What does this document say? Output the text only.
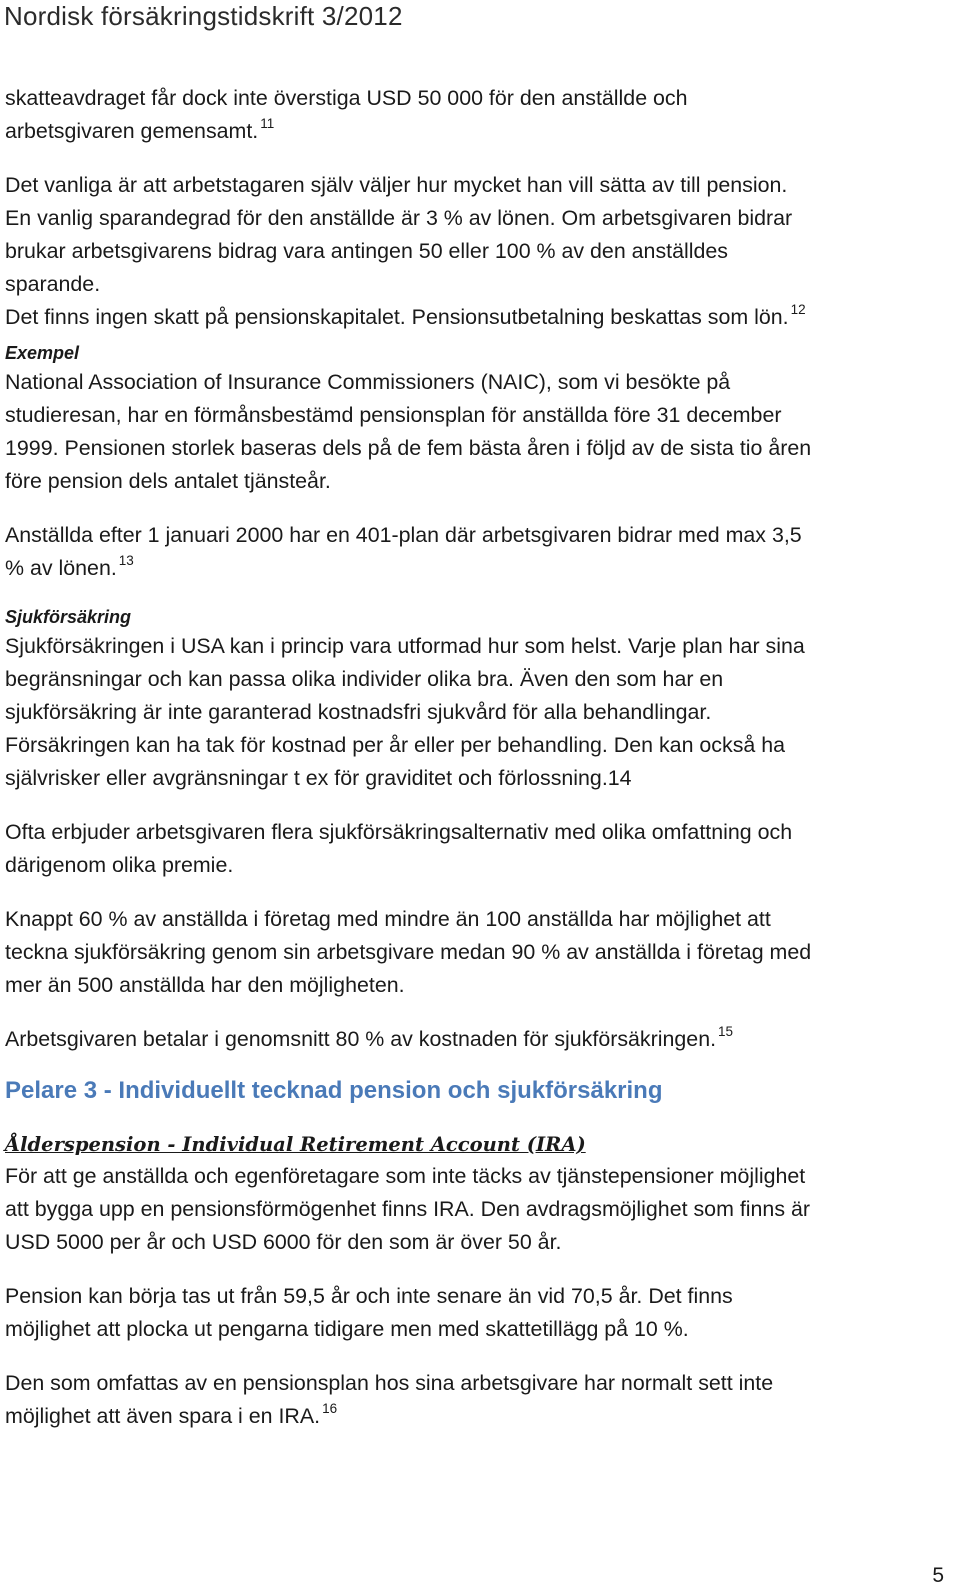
Nordisk försäkringstidskrift 3/2012

skatteavdraget får dock inte överstiga USD 50 000 för den anställde och

arbetsgivaren gemensamt. $^{11}$

Det vanliga är att arbetstagaren själv väljer hur mycket han vill sätta av till pension.

En vanlig sparandegrad för den anställde är 3 % av lönen. Om arbetsgivaren bidrar

brukar arbetsgivarens bidrag vara antingen 50 eller 100 % av den anställdes

sparande.

Det finns ingen skatt på pensionskapitalet. Pensionsutbetalning beskattas som lön. $^{12}$

Exempel

National Association of Insurance Commissioners (NAIC), som vi besökte på

studieresan, har en förmånsbestämd pensionsplan för anställda före 31 december

1999. Pensionen storlek baseras dels på de fem bästa åren i följd av de sista tio åren

före pension dels antalet tjänsteår.

Anställda efter 1 januari 2000 har en 401-plan där arbetsgivaren bidrar med max 3,5

% av lönen. $^{13}$

Sjukförsäkring

Sjukförsäkringen i USA kan i princip vara utformad hur som helst. Varje plan har sina

begränsningar och kan passa olika individer olika bra. Även den som har en

sjukförsäkring är inte garanterad kostnadsfri sjukvård för alla behandlingar.

Försäkringen kan ha tak för kostnad per år eller per behandling. Den kan också ha

självrisker eller avgränsningar t ex för graviditet och förlossning.14

Ofta erbjuder arbetsgivaren flera sjukförsäkringsalternativ med olika omfattning och

därigenom olika premie.

Knappt 60 % av anställda i företag med mindre än 100 anställda har möjlighet att

teckna sjukförsäkring genom sin arbetsgivare medan 90 % av anställda i företag med

mer än 500 anställda har den möjligheten.

Arbetsgivaren betalar i genomsnitt 80 % av kostnaden för sjukförsäkringen. $^{15}$

Pelare 3 - Individuellt tecknad pension och sjukförsäkring

Ålderspension - Individual Retirement Account (IRA)

För att ge anställda och egenföretagare som inte täcks av tjänstepensioner möjlighet

att bygga upp en pensionsförmögenhet finns IRA. Den avdragsmöjlighet som finns är

USD 5000 per år och USD 6000 för den som är över 50 år.

Pension kan börja tas ut från 59,5 år och inte senare än vid 70,5 år. Det finns

möjlighet att plocka ut pengarna tidigare men med skattetillägg på 10 %.

Den som omfattas av en pensionsplan hos sina arbetsgivare har normalt sett inte

möjlighet att även spara i en IRA. $^{16}$

5
